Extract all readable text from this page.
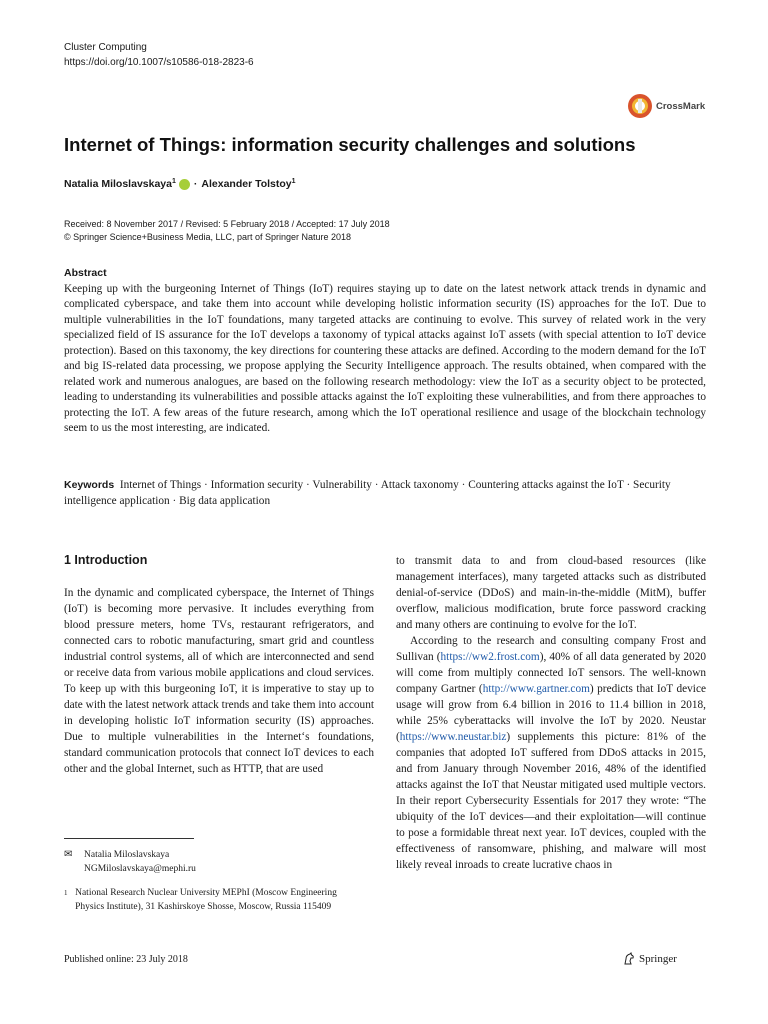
Cluster Computing
https://doi.org/10.1007/s10586-018-2823-6
CrossMark
Internet of Things: information security challenges and solutions
Natalia Miloslavskaya$^1$ · Alexander Tolstoy$^1$
Received: 8 November 2017 / Revised: 5 February 2018 / Accepted: 17 July 2018
© Springer Science+Business Media, LLC, part of Springer Nature 2018
Abstract
Keeping up with the burgeoning Internet of Things (IoT) requires staying up to date on the latest network attack trends in dynamic and complicated cyberspace, and take them into account while developing holistic information security (IS) approaches for the IoT. Due to multiple vulnerabilities in the IoT foundations, many targeted attacks are continuing to evolve. This survey of related work in the very specialized field of IS assurance for the IoT develops a taxonomy of typical attacks against IoT assets (with special attention to IoT device protection). Based on this taxonomy, the key directions for countering these attacks are defined. According to the modern demand for the IoT and big IS-related data processing, we propose applying the Security Intelligence approach. The results obtained, when compared with the related work and numerous analogues, are based on the following research methodology: view the IoT as a security object to be protected, leading to understanding its vulnerabilities and possible attacks against the IoT exploiting these vulnerabilities, and from there approaches to protecting the IoT. A few areas of the future research, among which the IoT operational resilience and usage of the blockchain technology seem to us the most interesting, are indicated.
Keywords Internet of Things · Information security · Vulnerability · Attack taxonomy · Countering attacks against the IoT · Security intelligence application · Big data application
1 Introduction
In the dynamic and complicated cyberspace, the Internet of Things (IoT) is becoming more pervasive. It includes everything from blood pressure meters, home TVs, restaurant refrigerators, and connected cars to robotic manufacturing, smart grid and countless industrial control systems, all of which are interconnected and send or receive data from various mobile applications and cloud services. To keep up with this burgeoning IoT, it is imperative to stay up to date with the latest network attack trends and take them into account in developing holistic IoT information security (IS) approaches. Due to multiple vulnerabilities in the Internet‘s foundations, standard communication protocols that connect IoT devices to each other and the global Internet, such as HTTP, that are used

to transmit data to and from cloud-based resources (like management interfaces), many targeted attacks such as distributed denial-of-service (DDoS) and main-in-the-middle (MitM), buffer overflow, malicious modification, brute force password cracking and many others are continuing to evolve for the IoT.

According to the research and consulting company Frost and Sullivan (https://ww2.frost.com), 40% of all data generated by 2020 will come from multiply connected IoT sensors. The well-known company Gartner (http://www.gartner.com) predicts that IoT device usage will grow from 6.4 billion in 2016 to 11.4 billion in 2018, while 25% cyberattacks will involve the IoT by 2020. Neustar (https://www.neustar.biz) supplements this picture: 81% of the companies that adopted IoT suffered from DDoS attacks in 2015, and from January through November 2016, 48% of the identified attacks against the IoT that Neustar mitigated used multiple vectors. In their report Cybersecurity Essentials for 2017 they wrote: “The ubiquity of the IoT devices—and their exploitation—will continue to pose a formidable threat next year. IoT devices, coupled with the effectiveness of ransomware, phishing, and malware will most likely reveal inroads to create lucrative chaos in

✉	Natalia Miloslavskaya
NGMiloslavskaya@mephi.ru
1 National Research Nuclear University MEPhI (Moscow Engineering Physics Institute), 31 Kashirskoye Shosse, Moscow, Russia 115409
Published online: 23 July 2018	Springer
